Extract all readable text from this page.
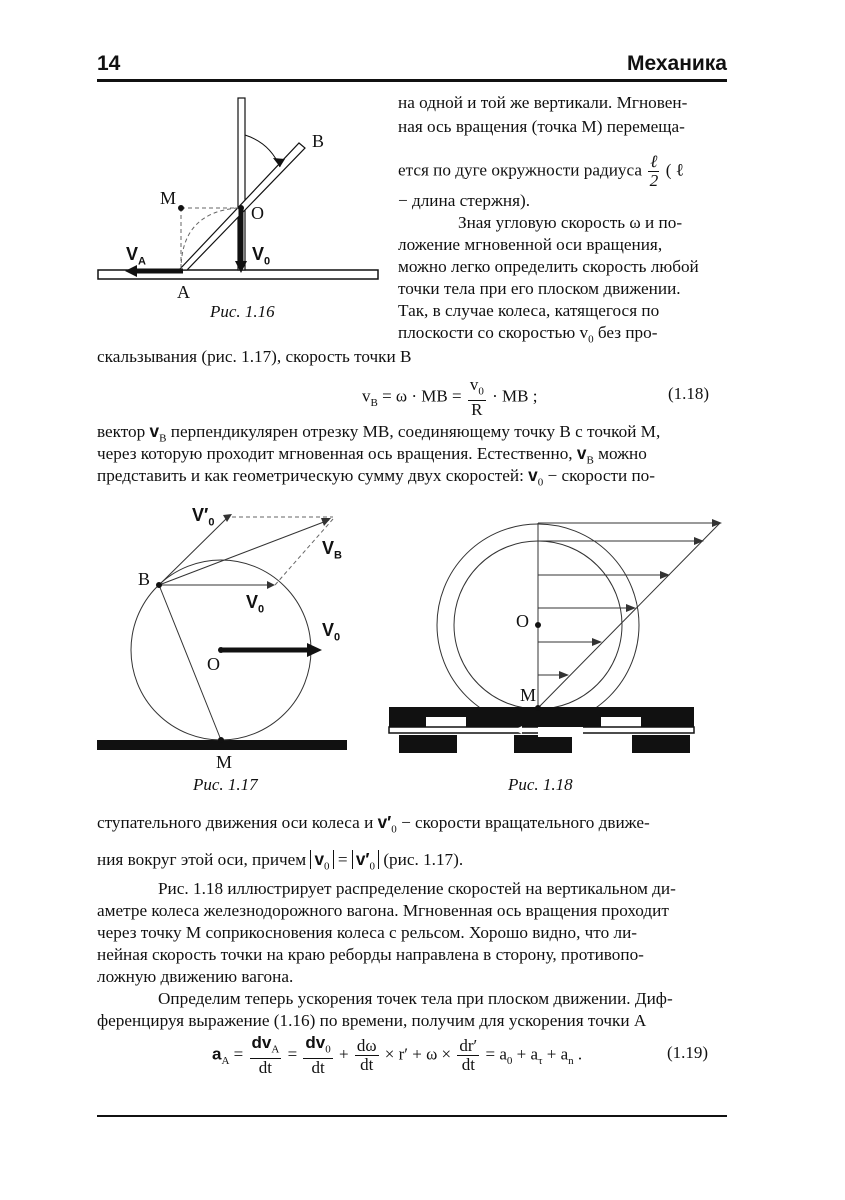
14	Механика
B
M
O
A
$V_A$	$V_0$
Рис. 1.16
на одной и той же вертикали. Мгновен-
ная ось вращения (точка М) перемеща-
ется по дуге окружности радиуса $\frac{\text{ℓ}}{2}$ ( ℓ
− длина стержня).
Зная угловую скорость ω и по-
ложение мгновенной оси вращения,
можно легко определить скорость любой
точки тела при его плоском движении.
Так, в случае колеса, катящегося по
плоскости со скоростью $v_0$ без про-
скальзывания (рис. 1.17), скорость точки В
$v_B = \omega$ · MB = $\frac{v_0}{R}$ · MB ;	(1.18)
вектор $v_B$ перпендикуляpен отрезку МВ, соединяющему точку В с точкой М,
через которую проходит мгновенная ось вращения. Естественно, $v_B$ можно
представить и как геометрическую сумму двух скоростей: $v_0$ − скорости по-
B
O
M
$V'_0$
$V_B$
$V_0$
$V_0$
Рис. 1.17
O
M
Рис. 1.18
ступательного движения оси колеса и $v'_0$ − скорости вращательного движе-
ния вокруг этой оси, причем $v_0 = v'_0$ (рис. 1.17).
Рис. 1.18 иллюстрирует распределение скоростей на вертикальном ди-
аметре колеса железнодорожного вагона. Мгновенная ось вращения проходит
через точку М соприкосновения колеса с рельсом. Хорошо видно, что ли-
нейная скорость точки на краю реборды направлена в сторону, противопо-
ложную движению вагона.
Определим теперь ускорения точек тела при плоском движении. Диф-
ференцируя выражение (1.16) по времени, получим для ускорения точки А
$a_A = \frac{dv_A}{dt} = \frac{dv_0}{dt} + \frac{d\omega}{dt} \times r' + \omega \times \frac{dr'}{dt} = a_0 + a_\tau + a_n$ .	(1.19)
